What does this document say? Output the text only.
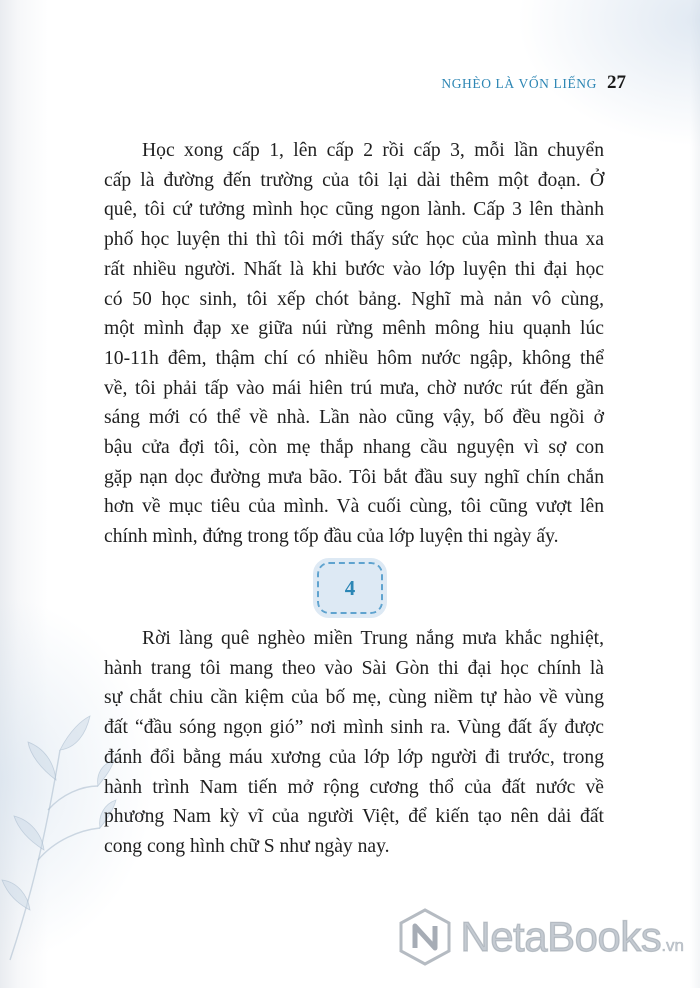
NGHÈO LÀ VỐN LIẾNG 27

Học xong cấp 1, lên cấp 2 rồi cấp 3, mỗi lần chuyển
cấp là đường đến trường của tôi lại dài thêm một đoạn. Ở
quê, tôi cứ tưởng mình học cũng ngon lành. Cấp 3 lên thành
phố học luyện thi thì tôi mới thấy sức học của mình thua xa
rất nhiều người. Nhất là khi bước vào lớp luyện thi đại học
có 50 học sinh, tôi xếp chót bảng. Nghĩ mà nản vô cùng,
một mình đạp xe giữa núi rừng mênh mông hiu quạnh lúc
10-11h đêm, thậm chí có nhiều hôm nước ngập, không thể
về, tôi phải tấp vào mái hiên trú mưa, chờ nước rút đến gần
sáng mới có thể về nhà. Lần nào cũng vậy, bố đều ngồi ở
bậu cửa đợi tôi, còn mẹ thắp nhang cầu nguyện vì sợ con
gặp nạn dọc đường mưa bão. Tôi bắt đầu suy nghĩ chín chắn
hơn về mục tiêu của mình. Và cuối cùng, tôi cũng vượt lên
chính mình, đứng trong tốp đầu của lớp luyện thi ngày ấy.

4

Rời làng quê nghèo miền Trung nắng mưa khắc nghiệt,
hành trang tôi mang theo vào Sài Gòn thi đại học chính là
sự chắt chiu cần kiệm của bố mẹ, cùng niềm tự hào về vùng
đất “đầu sóng ngọn gió” nơi mình sinh ra. Vùng đất ấy được
đánh đổi bằng máu xương của lớp lớp người đi trước, trong
hành trình Nam tiến mở rộng cương thổ của đất nước về
phương Nam kỳ vĩ của người Việt, để kiến tạo nên dải đất
cong cong hình chữ S như ngày nay.

NetaBooks.vn
